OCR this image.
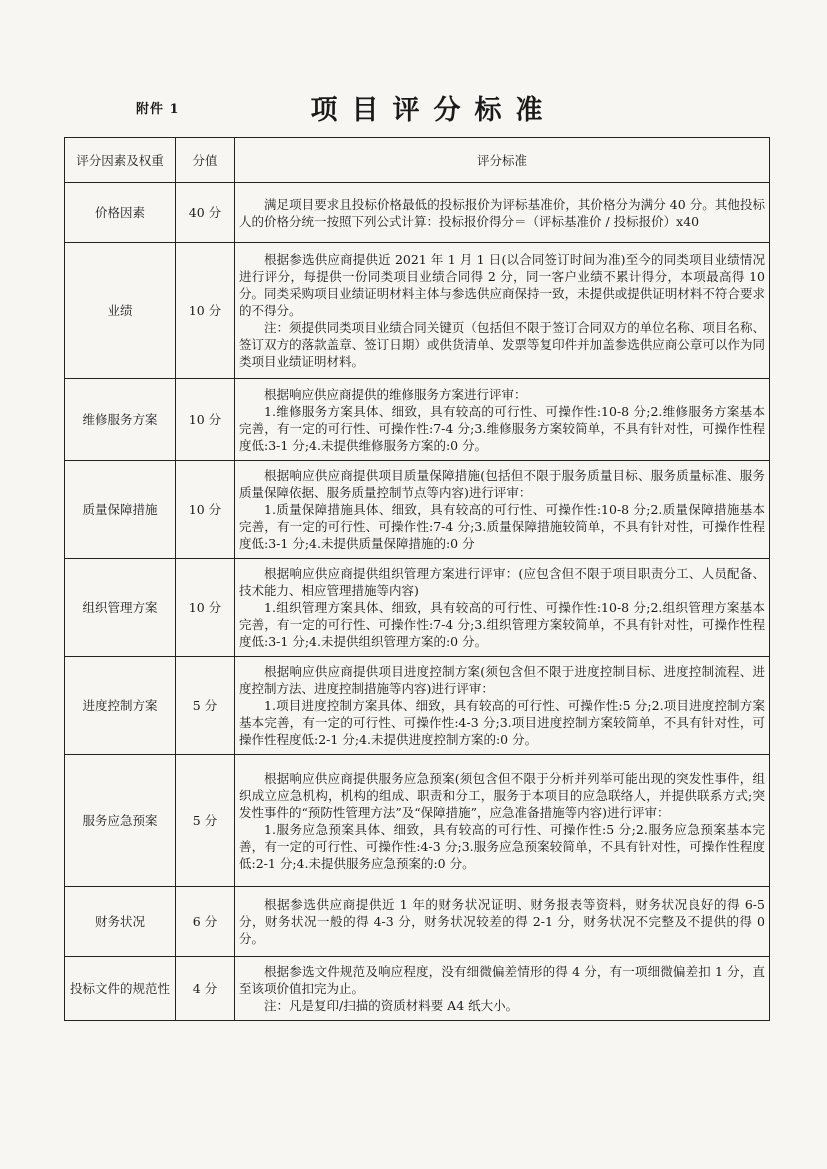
附件 1	项目评分标准
评分因素及权重	分值	评分标准
价格因素	40 分	满足项目要求且投标价格最低的投标报价为评标基准价，其价格分为满分 40 分。其他投标人的价格分统一按照下列公式计算：投标报价得分＝（评标基准价 / 投标报价）x40

业绩	10 分	根据参选供应商提供近 2021 年 1 月 1 日(以合同签订时间为准)至今的同类项目业绩情况进行评分，每提供一份同类项目业绩合同得 2 分，同一客户业绩不累计得分，本项最高得 10 分。同类采购项目业绩证明材料主体与参选供应商保持一致，未提供或提供证明材料不符合要求的不得分。

注：须提供同类项目业绩合同关键页（包括但不限于签订合同双方的单位名称、项目名称、签订双方的落款盖章、签订日期）或供货清单、发票等复印件并加盖参选供应商公章可以作为同类项目业绩证明材料。

维修服务方案	10 分	根据响应供应商提供的维修服务方案进行评审：

1.维修服务方案具体、细致，具有较高的可行性、可操作性:10-8 分;2.维修服务方案基本完善，有一定的可行性、可操作性:7-4 分;3.维修服务方案较简单，不具有针对性，可操作性程度低:3-1 分;4.未提供维修服务方案的:0 分。

质量保障措施	10 分	根据响应供应商提供项目质量保障措施(包括但不限于服务质量目标、服务质量标准、服务质量保障依据、服务质量控制节点等内容)进行评审：

1.质量保障措施具体、细致，具有较高的可行性、可操作性:10-8 分;2.质量保障措施基本完善，有一定的可行性、可操作性:7-4 分;3.质量保障措施较简单，不具有针对性，可操作性程度低:3-1 分;4.未提供质量保障措施的:0 分

组织管理方案	10 分	根据响应供应商提供组织管理方案进行评审：(应包含但不限于项目职责分工、人员配备、技术能力、相应管理措施等内容)

1.组织管理方案具体、细致，具有较高的可行性、可操作性:10-8 分;2.组织管理方案基本完善，有一定的可行性、可操作性:7-4 分;3.组织管理方案较简单，不具有针对性，可操作性程度低:3-1 分;4.未提供组织管理方案的:0 分。

进度控制方案	5 分	根据响应供应商提供项目进度控制方案(须包含但不限于进度控制目标、进度控制流程、进度控制方法、进度控制措施等内容)进行评审：

1.项目进度控制方案具体、细致，具有较高的可行性、可操作性:5 分;2.项目进度控制方案基本完善，有一定的可行性、可操作性:4-3 分;3.项目进度控制方案较简单，不具有针对性，可操作性程度低:2-1 分;4.未提供进度控制方案的:0 分。

服务应急预案	5 分	根据响应供应商提供服务应急预案(须包含但不限于分析并列举可能出现的突发性事件，组织成立应急机构，机构的组成、职责和分工，服务于本项目的应急联络人，并提供联系方式;突发性事件的“预防性管理方法”及“保障措施”，应急准备措施等内容)进行评审：

1.服务应急预案具体、细致，具有较高的可行性、可操作性:5 分;2.服务应急预案基本完善，有一定的可行性、可操作性:4-3 分;3.服务应急预案较简单，不具有针对性，可操作性程度低:2-1 分;4.未提供服务应急预案的:0 分。

财务状况	6 分	根据参选供应商提供近 1 年的财务状况证明、财务报表等资料，财务状况良好的得 6-5 分，财务状况一般的得 4-3 分，财务状况较差的得 2-1 分，财务状况不完整及不提供的得 0 分。

投标文件的规范性	4 分	根据参选文件规范及响应程度，没有细微偏差情形的得 4 分，有一项细微偏差扣 1 分，直至该项价值扣完为止。

注：凡是复印/扫描的资质材料要 A4 纸大小。
